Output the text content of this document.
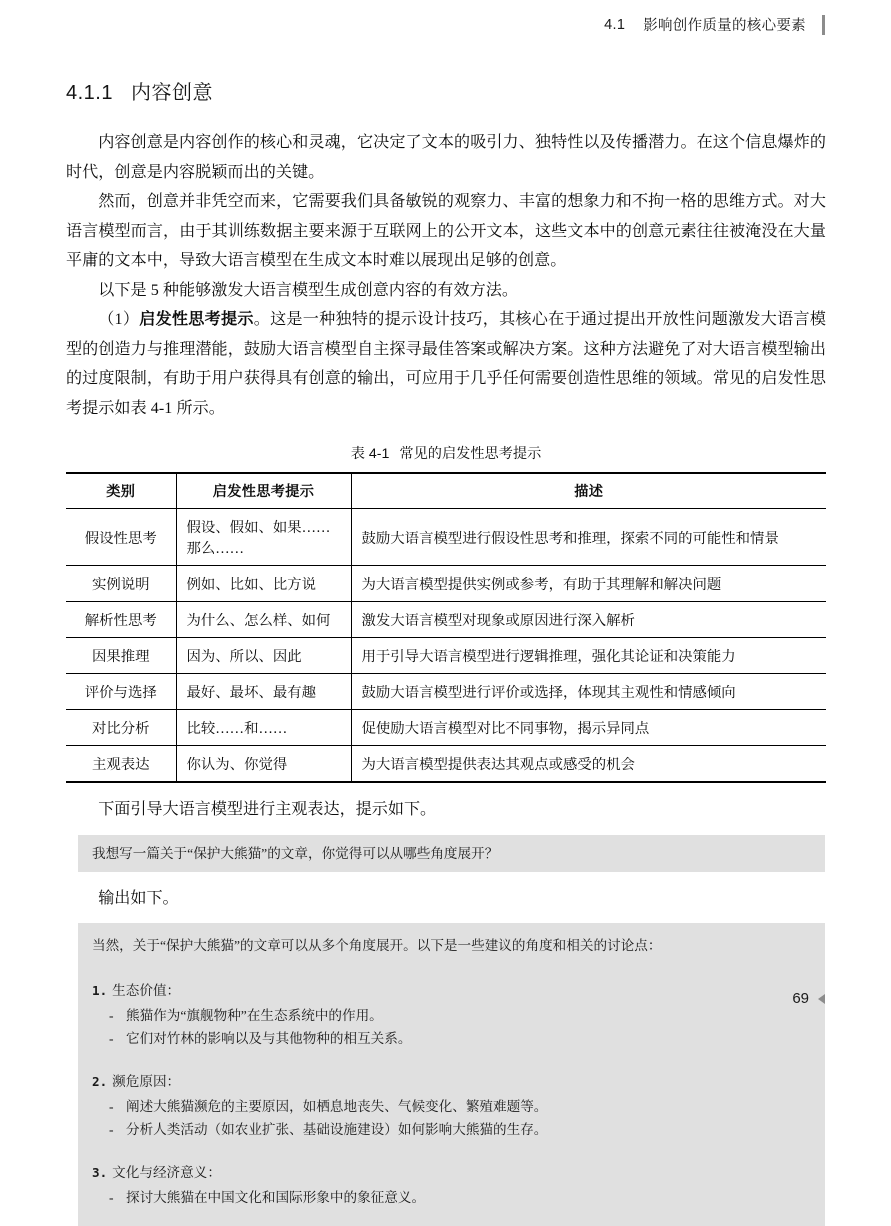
4.1 影响创作质量的核心要素
4.1.1 内容创意

内容创意是内容创作的核心和灵魂，它决定了文本的吸引力、独特性以及传播潜力。在这个信息爆炸的时代，创意是内容脱颖而出的关键。

然而，创意并非凭空而来，它需要我们具备敏锐的观察力、丰富的想象力和不拘一格的思维方式。对大语言模型而言，由于其训练数据主要来源于互联网上的公开文本，这些文本中的创意元素往往被淹没在大量平庸的文本中，导致大语言模型在生成文本时难以展现出足够的创意。

以下是 5 种能够激发大语言模型生成创意内容的有效方法。

（1）启发性思考提示。这是一种独特的提示设计技巧，其核心在于通过提出开放性问题激发大语言模型的创造力与推理潜能，鼓励大语言模型自主探寻最佳答案或解决方案。这种方法避免了对大语言模型输出的过度限制，有助于用户获得具有创意的输出，可应用于几乎任何需要创造性思维的领域。常见的启发性思考提示如表 4-1 所示。

表 4-1 常见的启发性思考提示
类别	启发性思考提示	描述
假设性思考	假设、假如、如果……那么……	鼓励大语言模型进行假设性思考和推理，探索不同的可能性和情景
实例说明	例如、比如、比方说	为大语言模型提供实例或参考，有助于其理解和解决问题
解析性思考	为什么、怎么样、如何	激发大语言模型对现象或原因进行深入解析
因果推理	因为、所以、因此	用于引导大语言模型进行逻辑推理，强化其论证和决策能力
评价与选择	最好、最坏、最有趣	鼓励大语言模型进行评价或选择，体现其主观性和情感倾向
对比分析	比较……和……	促使励大语言模型对比不同事物，揭示异同点
主观表达	你认为、你觉得	为大语言模型提供表达其观点或感受的机会

下面引导大语言模型进行主观表达，提示如下。

我想写一篇关于“保护大熊猫”的文章，你觉得可以从哪些角度展开？

输出如下。

当然，关于“保护大熊猫”的文章可以从多个角度展开。以下是一些建议的角度和相关的讨论点：

1. 生态价值：

- 熊猫作为“旗舰物种”在生态系统中的作用。
- 它们对竹林的影响以及与其他物种的相互关系。

2. 濒危原因：

- 阐述大熊猫濒危的主要原因，如栖息地丧失、气候变化、繁殖难题等。
- 分析人类活动（如农业扩张、基础设施建设）如何影响大熊猫的生存。

3. 文化与经济意义：

- 探讨大熊猫在中国文化和国际形象中的象征意义。
69
